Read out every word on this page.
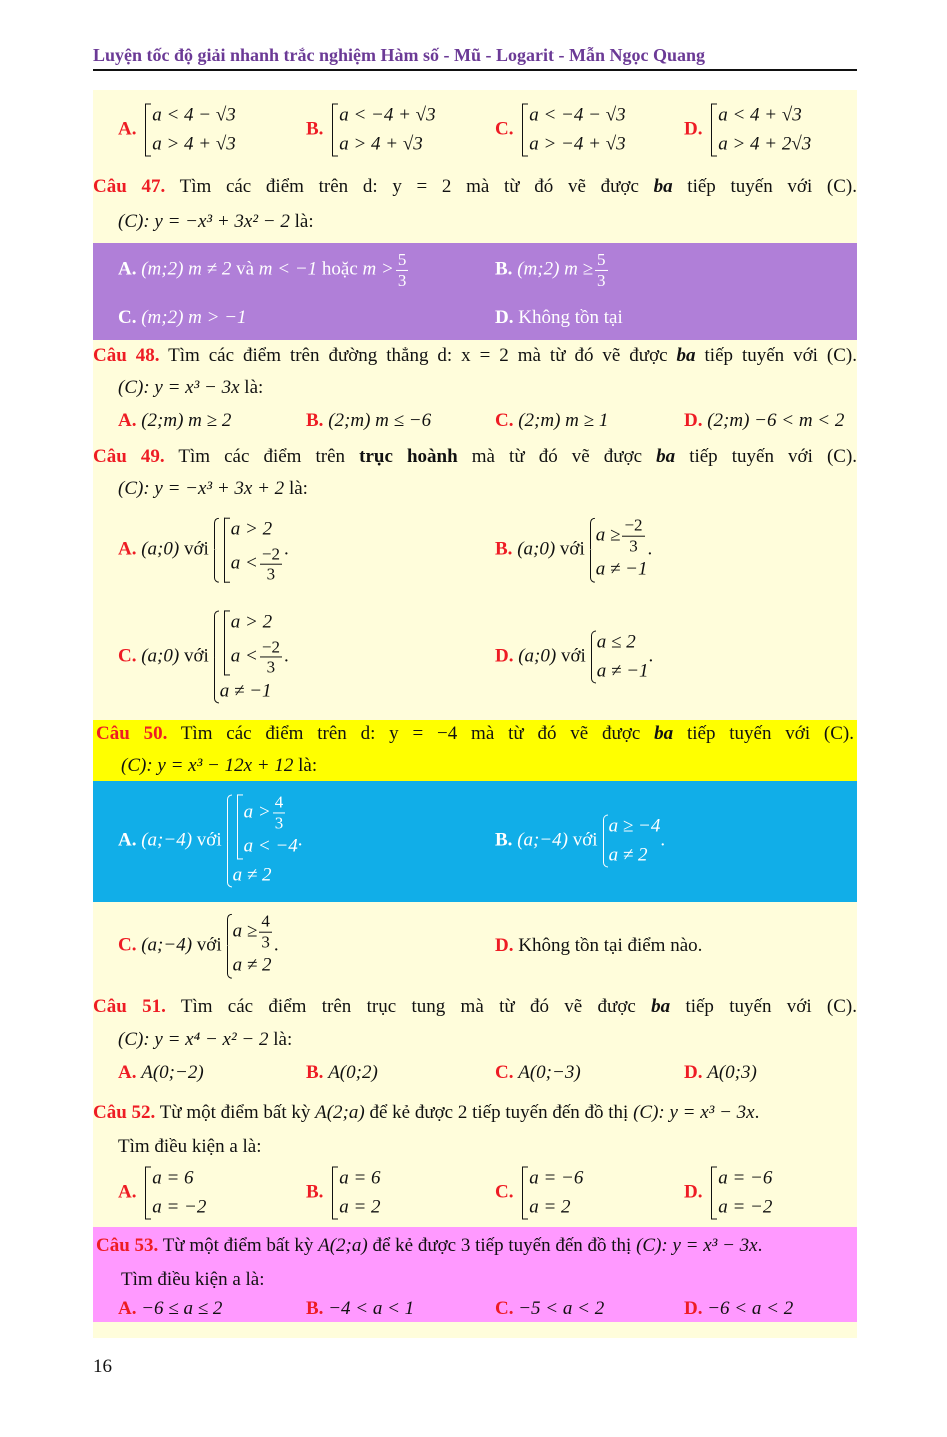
Luyện tốc độ giải nhanh trắc nghiệm Hàm số - Mũ - Logarit - Mẫn Ngọc Quang
A.
a < 4 − √3
a > 4 + √3
B.
a < −4 + √3
a > 4 + √3
C.
a < −4 − √3
a > −4 + √3
D.
a < 4 + √3
a > 4 + 2√3
Câu 47. Tìm các điểm trên d: y = 2 mà từ đó vẽ được ba tiếp tuyến với (C).
(C): y = −x³ + 3x² − 2 là:
A. (m;2) m ≠ 2 và m < −1 hoặc $m > \frac{5}{3}$	B. (m;2) $m \ge \frac{5}{3}$
C. (m;2) m > −1	D. Không tồn tại
Câu 48. Tìm các điểm trên đường thẳng d: x = 2 mà từ đó vẽ được ba tiếp tuyến với (C).
(C): y = x³ − 3x là:
A. (2;m) m ≥ 2	B. (2;m) m ≤ −6	C. (2;m) m ≥ 1	D. (2;m) −6 < m < 2
Câu 49. Tìm các điểm trên trục hoành mà từ đó vẽ được ba tiếp tuyến với (C).
(C): y = −x³ + 3x + 2 là:
A. (a;0) với
a > 2
$a < \frac{-2}{3}$ .	B. (a;0) với
$a \ge \frac{-2}{3}$
a ≠ −1
.
C. (a;0) với
a > 2
$a < \frac{-2}{3}$
a ≠ −1
.	D. (a;0) với
a ≤ 2
a ≠ −1
.
Câu 50. Tìm các điểm trên d: y = −4 mà từ đó vẽ được ba tiếp tuyến với (C).
(C): y = x³ − 12x + 12 là:
A. (a;−4) với
$a > \frac{4}{3}$
a < −4
a ≠ 2
.	B. (a;−4) với
a ≥ −4
a ≠ 2
.
C. (a;−4) với
$a \ge \frac{4}{3}$
a ≠ 2
.	D. Không tồn tại điểm nào.
Câu 51. Tìm các điểm trên trục tung mà từ đó vẽ được ba tiếp tuyến với (C).
(C): y = x⁴ − x² − 2 là:
A. A(0;−2)	B. A(0;2)	C. A(0;−3)	D. A(0;3)
Câu 52. Từ một điểm bất kỳ A(2;a) để kẻ được 2 tiếp tuyến đến đồ thị (C): y = x³ − 3x.
Tìm điều kiện a là:
A.
a = 6
a = −2
B.
a = 6
a = 2
C.
a = −6
a = 2
D.
a = −6
a = −2
Câu 53. Từ một điểm bất kỳ A(2;a) để kẻ được 3 tiếp tuyến đến đồ thị (C): y = x³ − 3x.
Tìm điều kiện a là:
A. −6 ≤ a ≤ 2	B. −4 < a < 1	C. −5 < a < 2	D. −6 < a < 2
16
